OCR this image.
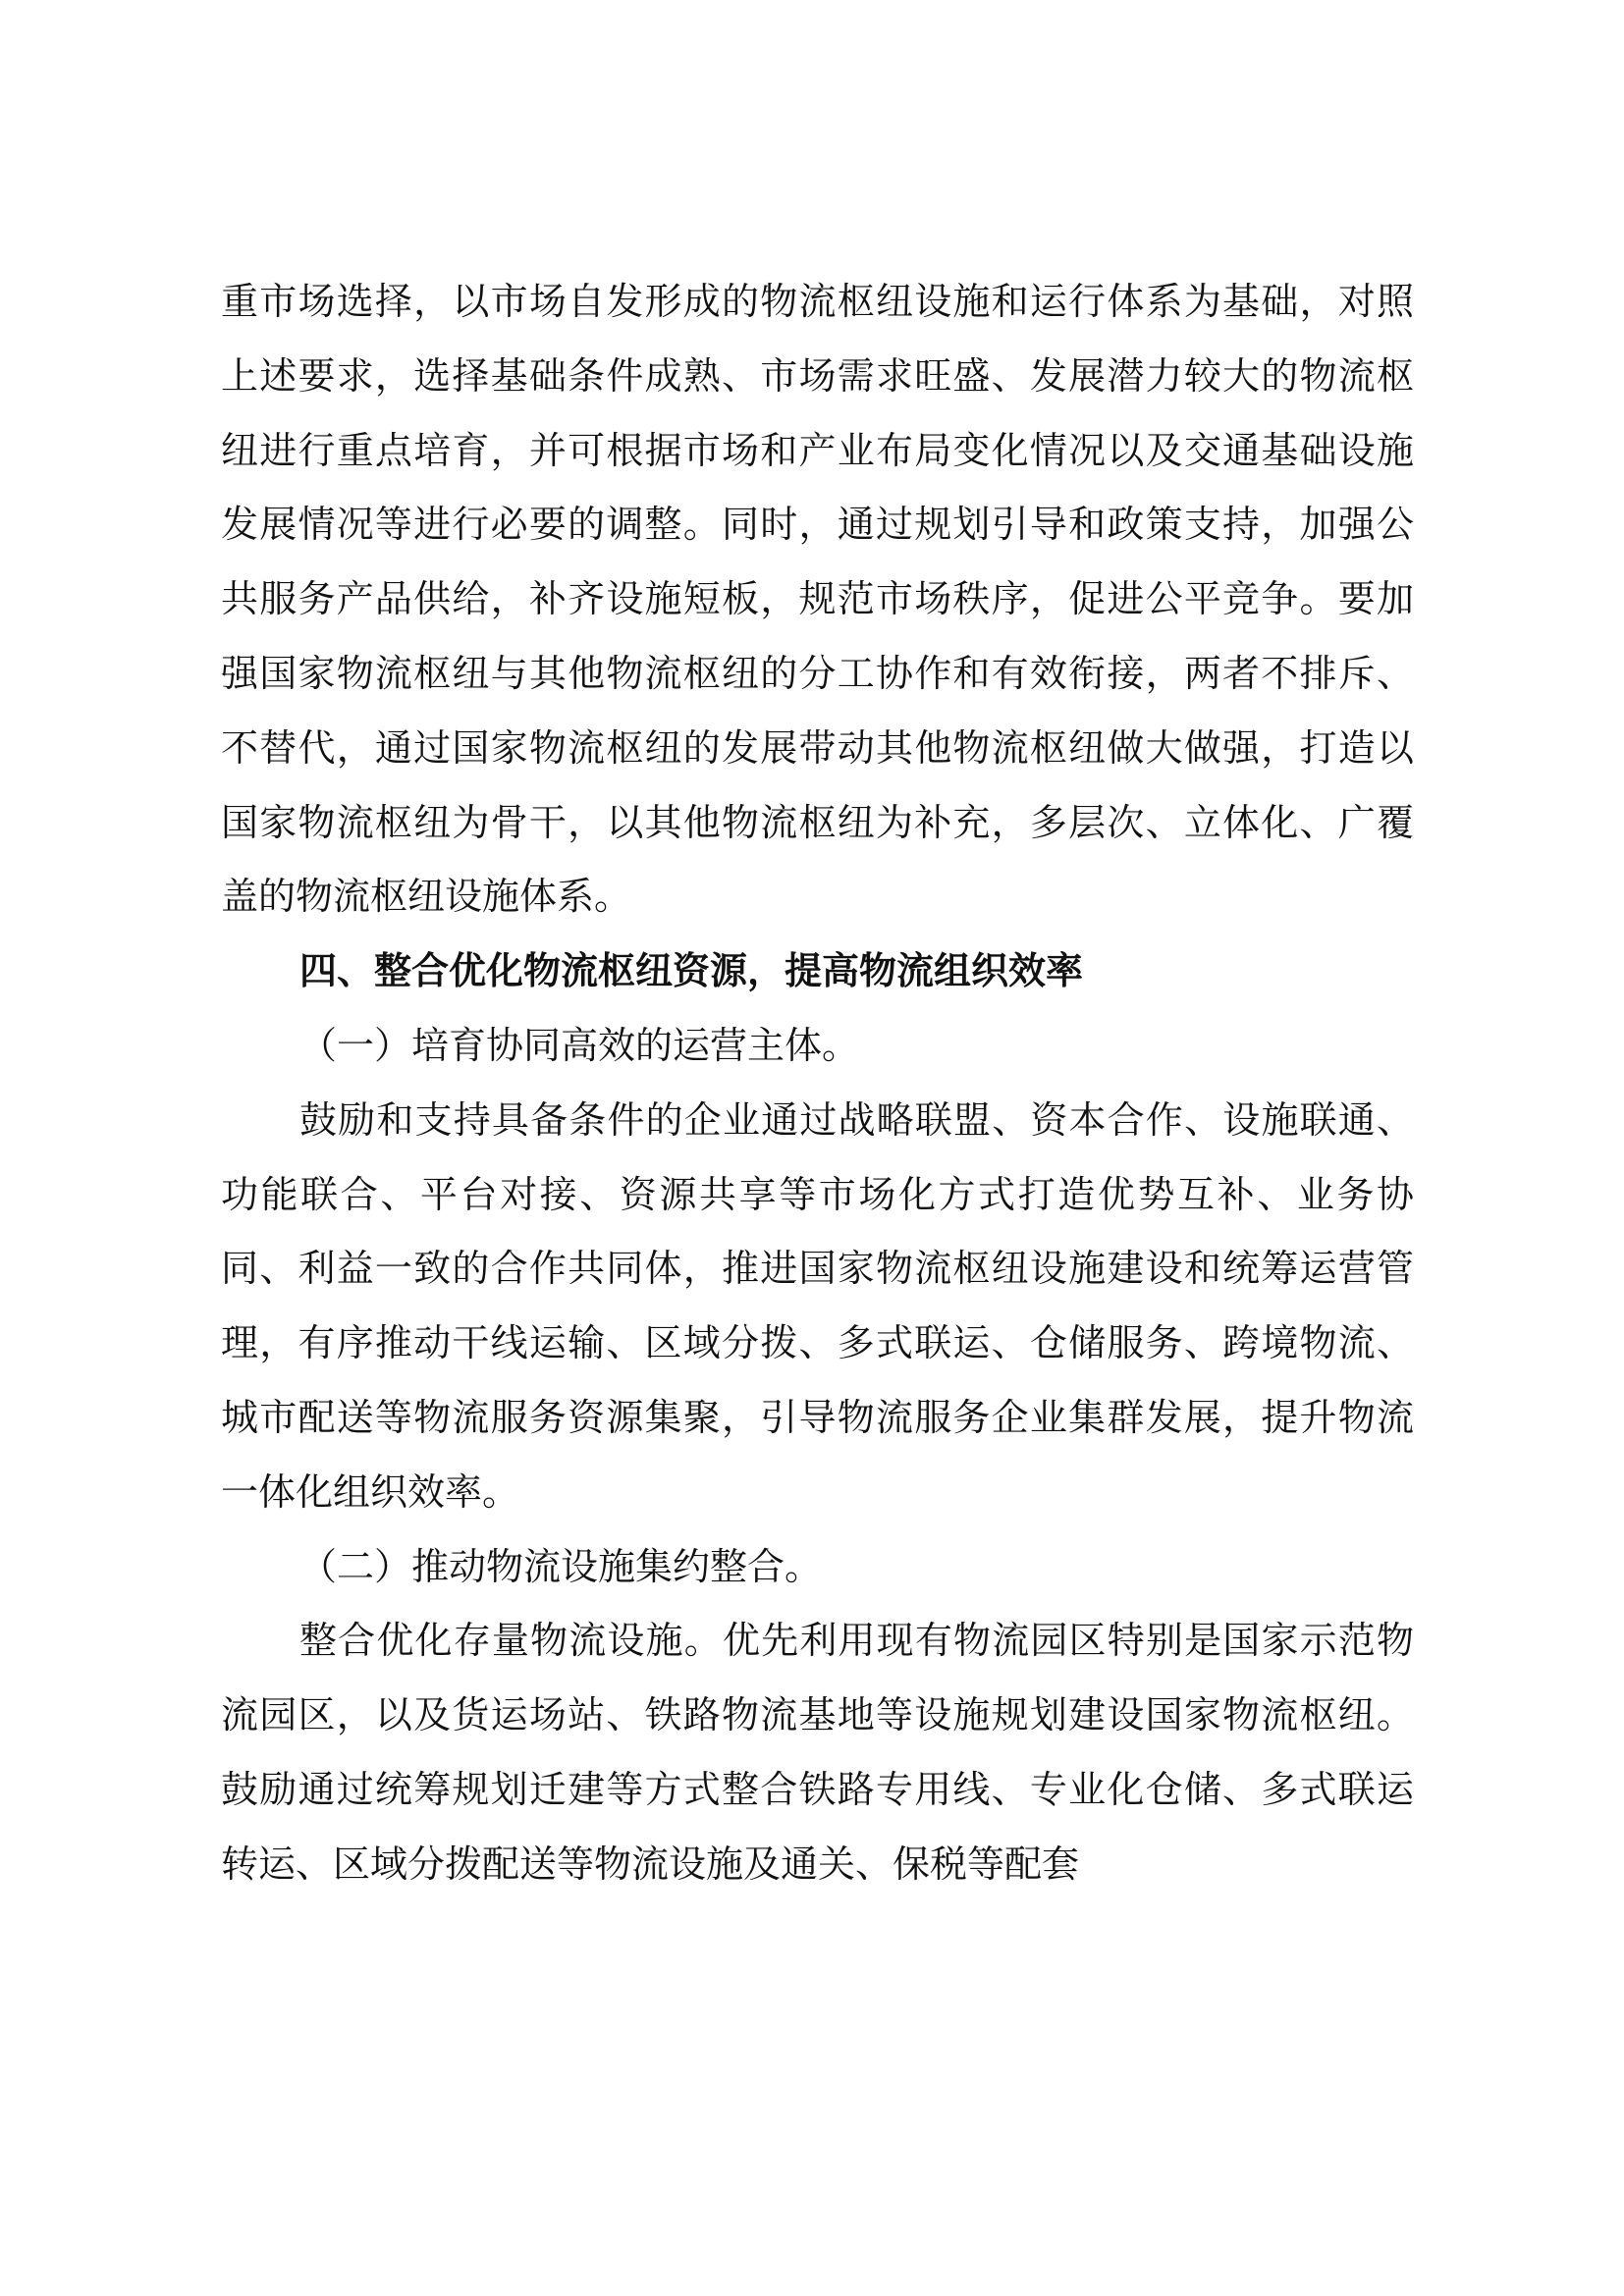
重市场选择，以市场自发形成的物流枢纽设施和运行体系为基础，对照上述要求，选择基础条件成熟、市场需求旺盛、发展潜力较大的物流枢纽进行重点培育，并可根据市场和产业布局变化情况以及交通基础设施发展情况等进行必要的调整。同时，通过规划引导和政策支持，加强公共服务产品供给，补齐设施短板，规范市场秩序，促进公平竞争。要加强国家物流枢纽与其他物流枢纽的分工协作和有效衔接，两者不排斥、不替代，通过国家物流枢纽的发展带动其他物流枢纽做大做强，打造以国家物流枢纽为骨干，以其他物流枢纽为补充，多层次、立体化、广覆盖的物流枢纽设施体系。

四、整合优化物流枢纽资源，提高物流组织效率

（一）培育协同高效的运营主体。

鼓励和支持具备条件的企业通过战略联盟、资本合作、设施联通、功能联合、平台对接、资源共享等市场化方式打造优势互补、业务协同、利益一致的合作共同体，推进国家物流枢纽设施建设和统筹运营管理，有序推动干线运输、区域分拨、多式联运、仓储服务、跨境物流、城市配送等物流服务资源集聚，引导物流服务企业集群发展，提升物流一体化组织效率。

（二）推动物流设施集约整合。

整合优化存量物流设施。优先利用现有物流园区特别是国家示范物流园区，以及货运场站、铁路物流基地等设施规划建设国家物流枢纽。鼓励通过统筹规划迁建等方式整合铁路专用线、专业化仓储、多式联运转运、区域分拨配送等物流设施及通关、保税等配套
